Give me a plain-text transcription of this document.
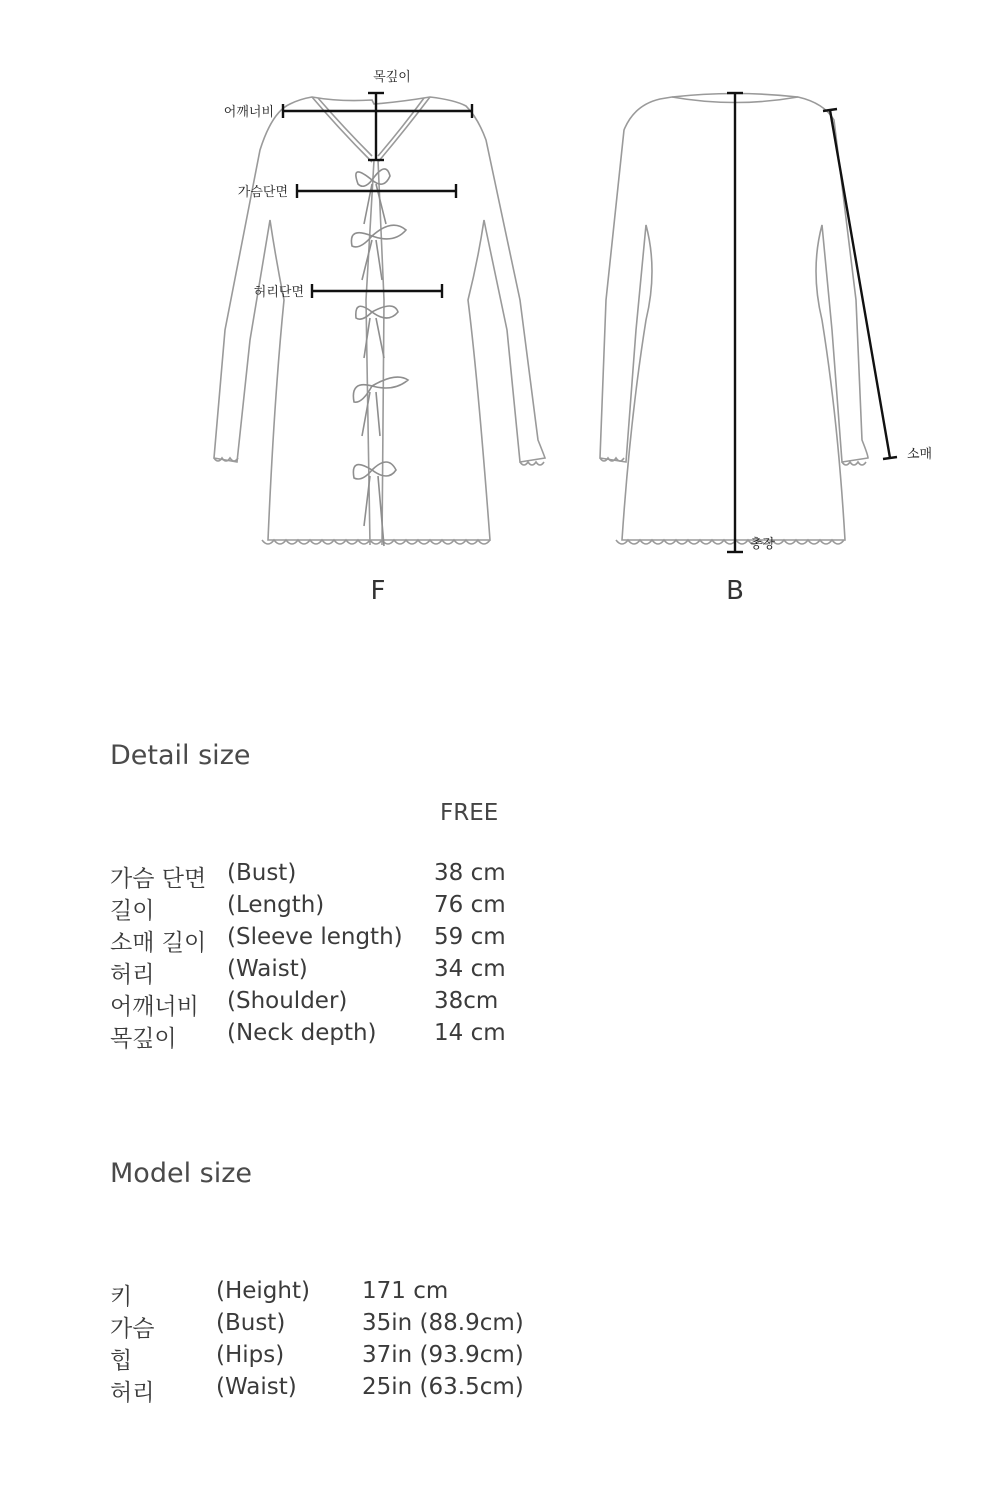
목깊이
어깨너비
가슴단면
허리단면
소매
총장
F	B
Detail size
FREE
가슴 단면 (Bust)	38 cm
길이	(Length)	76 cm
소매 길이 (Sleeve length) 59 cm
허리	(Waist)	34 cm
어깨너비 (Shoulder)	38cm
목깊이 (Neck depth) 14 cm
Model size
키	(Height) 171 cm
가슴	(Bust)	35in (88.9cm)
힙	(Hips)	37in (93.9cm)
허리	(Waist)	25in (63.5cm)
